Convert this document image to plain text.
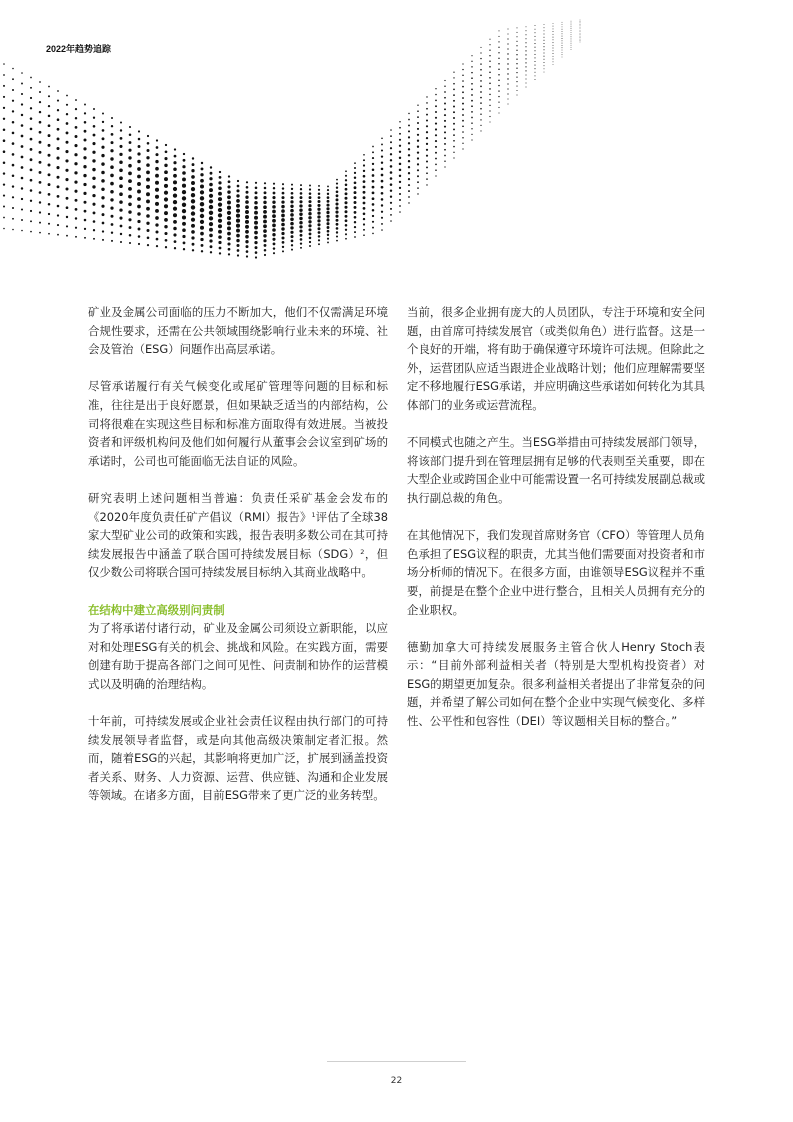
2022年趋势追踪

矿业及金属公司面临的压力不断加大，他们不仅需满足环境合规性要求，还需在公共领域围绕影响行业未来的环境、社会及管治（ESG）问题作出高层承诺。

尽管承诺履行有关气候变化或尾矿管理等问题的目标和标准，往往是出于良好愿景，但如果缺乏适当的内部结构，公司将很难在实现这些目标和标准方面取得有效进展。当被投资者和评级机构问及他们如何履行从董事会会议室到矿场的承诺时，公司也可能面临无法自证的风险。

研究表明上述问题相当普遍：负责任采矿基金会发布的《2020年度负责任矿产倡议（RMI）报告》$^1$评估了全球38家大型矿业公司的政策和实践，报告表明多数公司在其可持续发展报告中涵盖了联合国可持续发展目标（SDG）$^2$，但仅少数公司将联合国可持续发展目标纳入其商业战略中。

在结构中建立高级别问责制

为了将承诺付诸行动，矿业及金属公司须设立新职能，以应对和处理ESG有关的机会、挑战和风险。在实践方面，需要创建有助于提高各部门之间可见性、问责制和协作的运营模式以及明确的治理结构。

十年前，可持续发展或企业社会责任议程由执行部门的可持续发展领导者监督，或是向其他高级决策制定者汇报。然而，随着ESG的兴起，其影响将更加广泛，扩展到涵盖投资者关系、财务、人力资源、运营、供应链、沟通和企业发展等领域。在诸多方面，目前ESG带来了更广泛的业务转型。

当前，很多企业拥有庞大的人员团队，专注于环境和安全问题，由首席可持续发展官（或类似角色）进行监督。这是一个良好的开端，将有助于确保遵守环境许可法规。但除此之外，运营团队应适当跟进企业战略计划；他们应理解需要坚定不移地履行ESG承诺，并应明确这些承诺如何转化为其具体部门的业务或运营流程。

不同模式也随之产生。当ESG举措由可持续发展部门领导，将该部门提升到在管理层拥有足够的代表则至关重要，即在大型企业或跨国企业中可能需设置一名可持续发展副总裁或执行副总裁的角色。

在其他情况下，我们发现首席财务官（CFO）等管理人员角色承担了ESG议程的职责，尤其当他们需要面对投资者和市场分析师的情况下。在很多方面，由谁领导ESG议程并不重要，前提是在整个企业中进行整合，且相关人员拥有充分的企业职权。

德勤加拿大可持续发展服务主管合伙人Henry Stoch表示：“目前外部利益相关者（特别是大型机构投资者）对ESG的期望更加复杂。很多利益相关者提出了非常复杂的问题，并希望了解公司如何在整个企业中实现气候变化、多样性、公平性和包容性（DEI）等议题相关目标的整合。”

22
